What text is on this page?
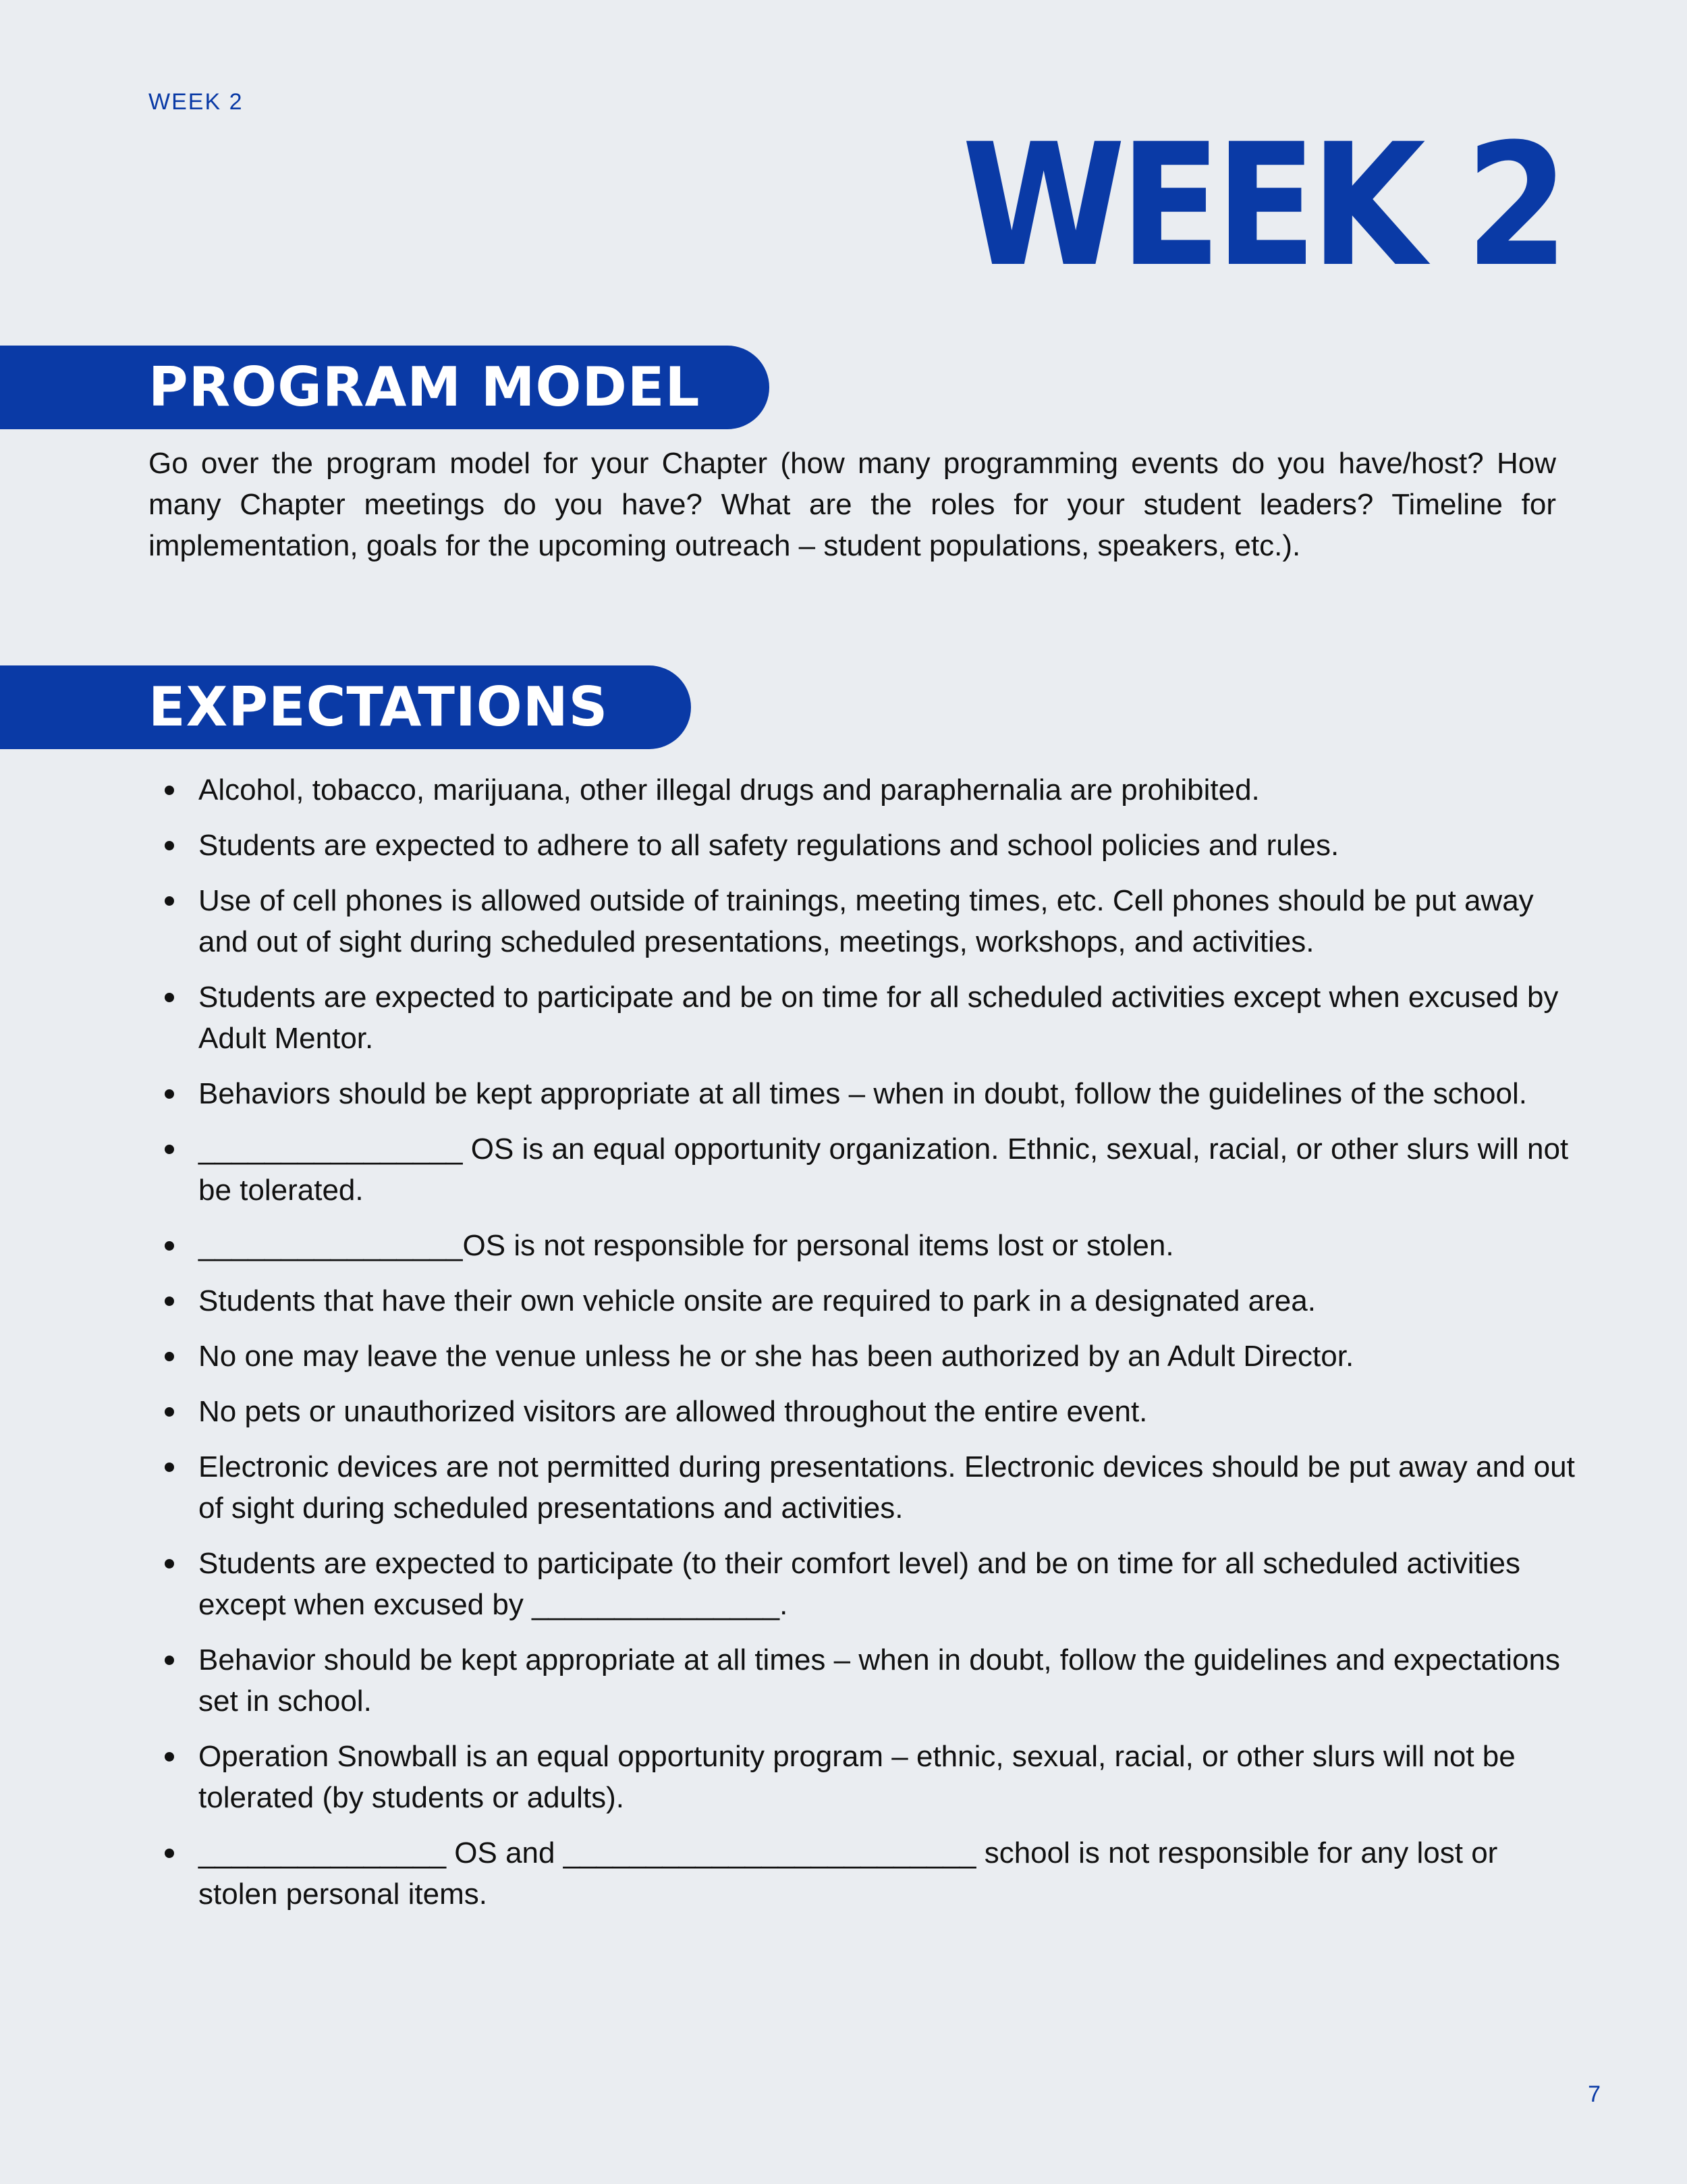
WEEK 2
WEEK 2
PROGRAM MODEL

Go over the program model for your Chapter (how many programming events do you have/host? How many Chapter meetings do you have? What are the roles for your student leaders? Timeline for implementation, goals for the upcoming outreach – student populations, speakers, etc.).

EXPECTATIONS
Alcohol, tobacco, marijuana, other illegal drugs and paraphernalia are prohibited.
Students are expected to adhere to all safety regulations and school policies and rules.
Use of cell phones is allowed outside of trainings, meeting times, etc. Cell phones should be put away and out of sight during scheduled presentations, meetings, workshops, and activities.
Students are expected to participate and be on time for all scheduled activities except when excused by Adult Mentor.
Behaviors should be kept appropriate at all times – when in doubt, follow the guidelines of the school.
________________ OS is an equal opportunity organization. Ethnic, sexual, racial, or other slurs will not be tolerated.
________________OS is not responsible for personal items lost or stolen.
Students that have their own vehicle onsite are required to park in a designated area.
No one may leave the venue unless he or she has been authorized by an Adult Director.
No pets or unauthorized visitors are allowed throughout the entire event.
Electronic devices are not permitted during presentations. Electronic devices should be put away and out of sight during scheduled presentations and activities.
Students are expected to participate (to their comfort level) and be on time for all scheduled activities except when excused by _______________.
Behavior should be kept appropriate at all times – when in doubt, follow the guidelines and expectations set in school.
Operation Snowball is an equal opportunity program – ethnic, sexual, racial, or other slurs will not be tolerated (by students or adults).
_______________ OS and _________________________ school is not responsible for any lost or stolen personal items.
7
